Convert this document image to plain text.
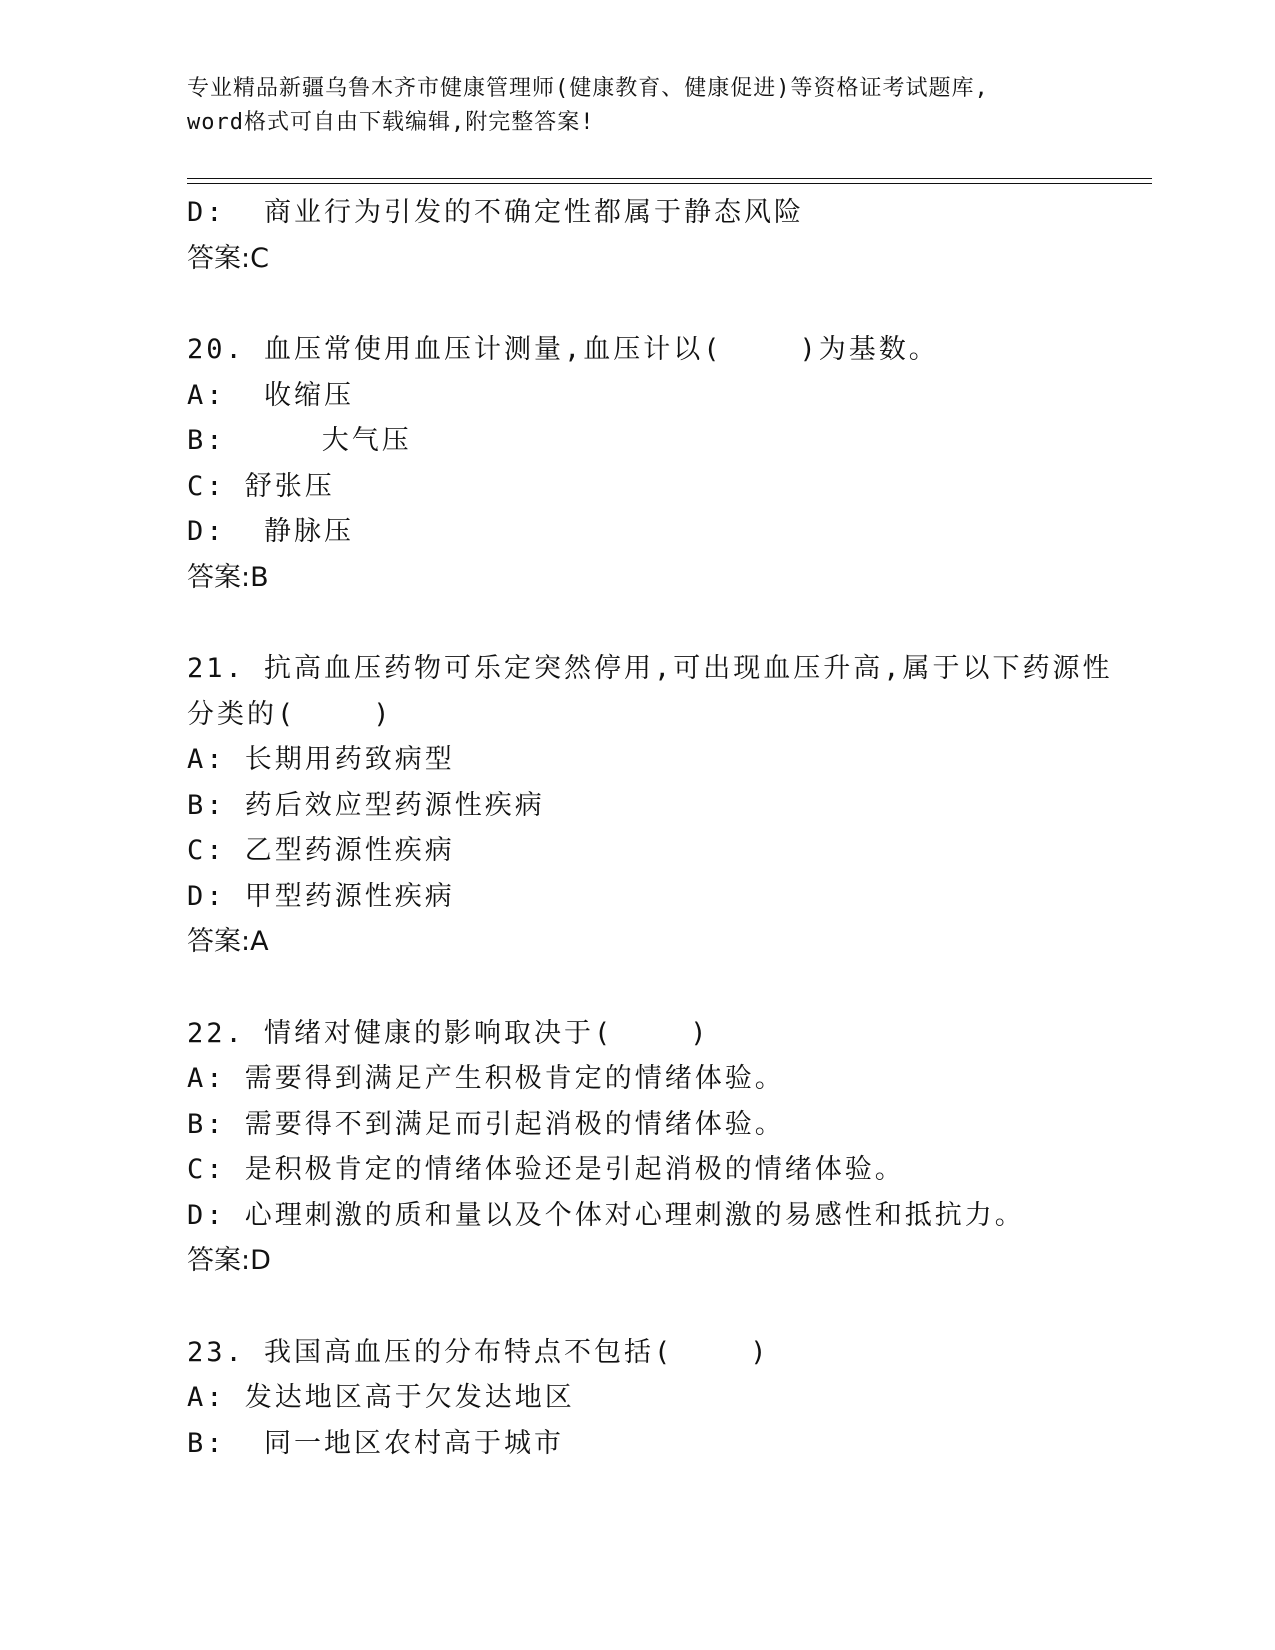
专业精品新疆乌鲁木齐市健康管理师(健康教育、健康促进)等资格证考试题库,
word格式可自由下载编辑,附完整答案!
D:  商业行为引发的不确定性都属于静态风险
答案:C
20. 血压常使用血压计测量,血压计以(    )为基数。
A:  收缩压
B:     大气压
C: 舒张压
D:  静脉压
答案:B
21. 抗高血压药物可乐定突然停用,可出现血压升高,属于以下药源性
分类的(    )
A: 长期用药致病型
B: 药后效应型药源性疾病
C: 乙型药源性疾病
D: 甲型药源性疾病
答案:A
22. 情绪对健康的影响取决于(    )
A: 需要得到满足产生积极肯定的情绪体验。
B: 需要得不到满足而引起消极的情绪体验。
C: 是积极肯定的情绪体验还是引起消极的情绪体验。
D: 心理刺激的质和量以及个体对心理刺激的易感性和抵抗力。
答案:D
23. 我国高血压的分布特点不包括(    )
A: 发达地区高于欠发达地区
B:  同一地区农村高于城市
